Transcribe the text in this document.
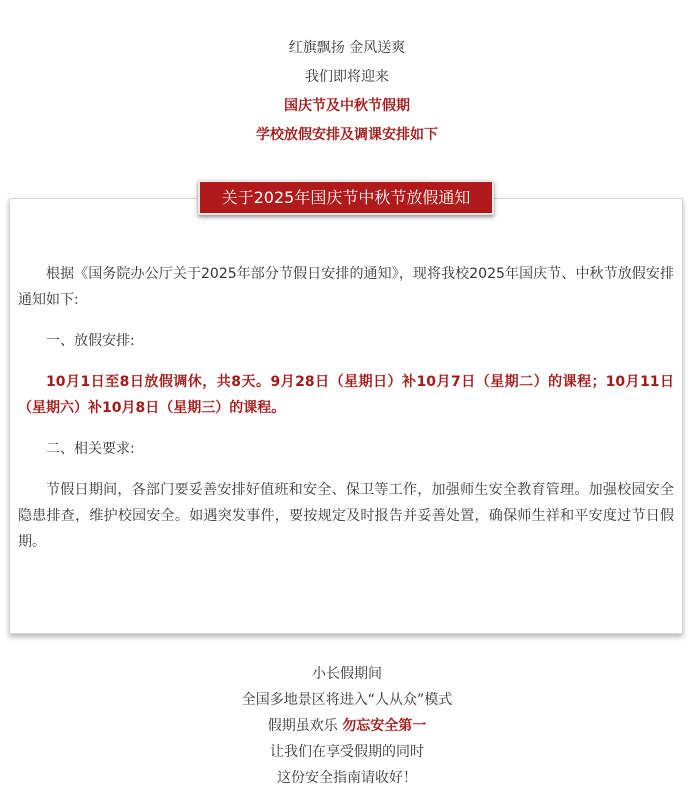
红旗飘扬 金风送爽

我们即将迎来

国庆节及中秋节假期

学校放假安排及调课安排如下

关于2025年国庆节中秋节放假通知

根据《国务院办公厅关于2025年部分节假日安排的通知》，现将我校2025年国庆节、中秋节放假安排通知如下:

一、放假安排:

10月1日至8日放假调休，共8天。9月28日（星期日）补10月7日（星期二）的课程；10月11日（星期六）补10月8日（星期三）的课程。

二、相关要求:

节假日期间，各部门要妥善安排好值班和安全、保卫等工作，加强师生安全教育管理。加强校园安全隐患排查，维护校园安全。如遇突发事件，要按规定及时报告并妥善处置，确保师生祥和平安度过节日假期。

小长假期间

全国多地景区将进入“人从众”模式

假期虽欢乐 勿忘安全第一

让我们在享受假期的同时

这份安全指南请收好！
